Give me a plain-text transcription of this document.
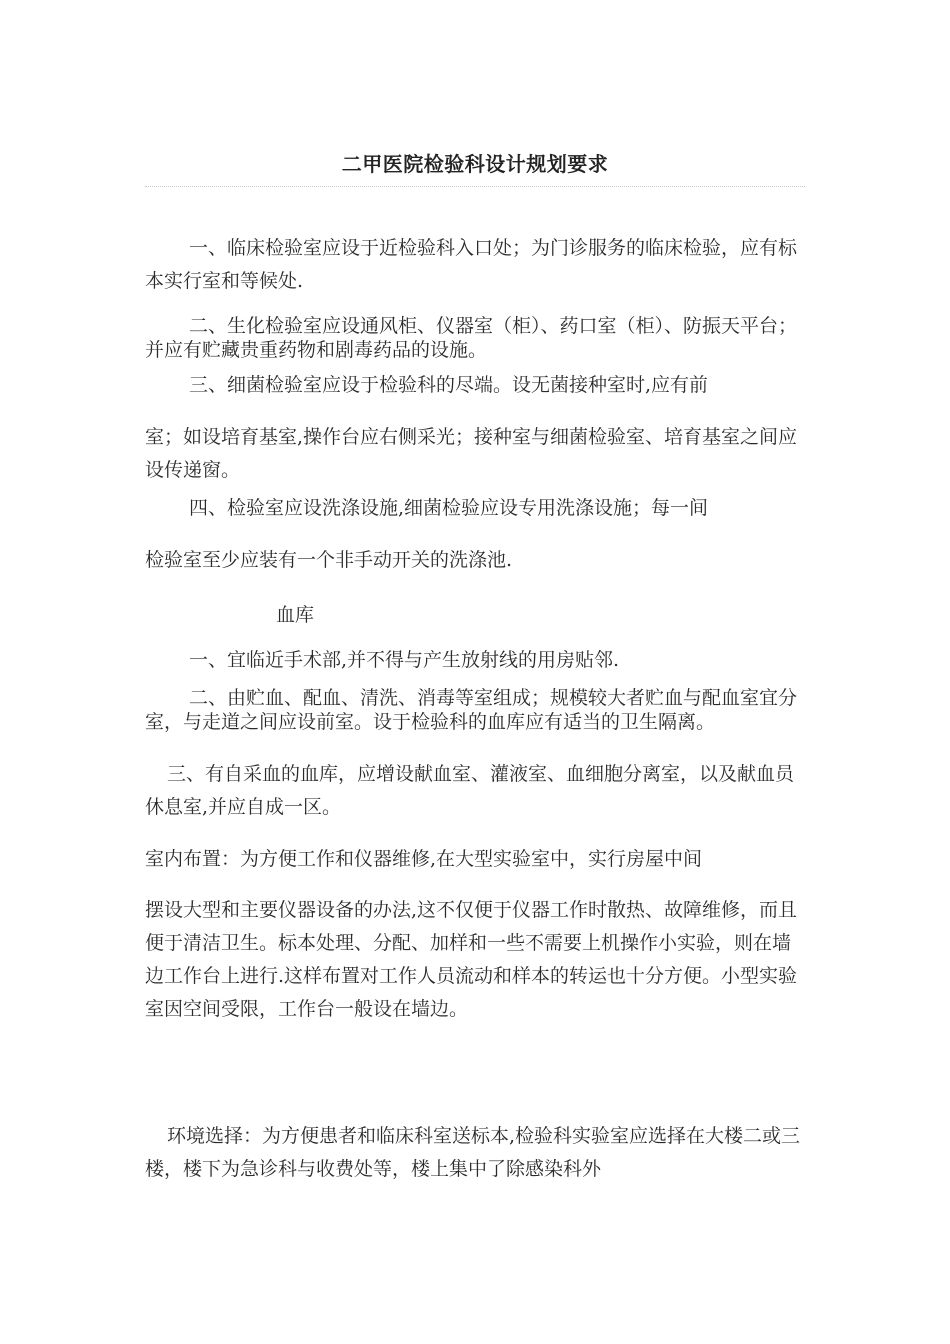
二甲医院检验科设计规划要求

一、临床检验室应设于近检验科入口处；为门诊服务的临床检验，应有标本实行室和等候处.

二、生化检验室应设通风柜、仪器室（柜）、药口室（柜）、防振天平台；并应有贮藏贵重药物和剧毒药品的设施。

三、细菌检验室应设于检验科的尽端。设无菌接种室时,应有前

室；如设培育基室,操作台应右侧采光；接种室与细菌检验室、培育基室之间应设传递窗。

四、检验室应设洗涤设施,细菌检验应设专用洗涤设施；每一间

检验室至少应装有一个非手动开关的洗涤池.

血库

一、宜临近手术部,并不得与产生放射线的用房贴邻.

二、由贮血、配血、清洗、消毒等室组成；规模较大者贮血与配血室宜分室，与走道之间应设前室。设于检验科的血库应有适当的卫生隔离。

三、有自采血的血库，应增设献血室、灌液室、血细胞分离室，以及献血员休息室,并应自成一区。

室内布置：为方便工作和仪器维修,在大型实验室中，实行房屋中间

摆设大型和主要仪器设备的办法,这不仅便于仪器工作时散热、故障维修，而且便于清洁卫生。标本处理、分配、加样和一些不需要上机操作小实验，则在墙边工作台上进行.这样布置对工作人员流动和样本的转运也十分方便。小型实验室因空间受限，工作台一般设在墙边。

环境选择：为方便患者和临床科室送标本,检验科实验室应选择在大楼二或三楼，楼下为急诊科与收费处等，楼上集中了除感染科外
